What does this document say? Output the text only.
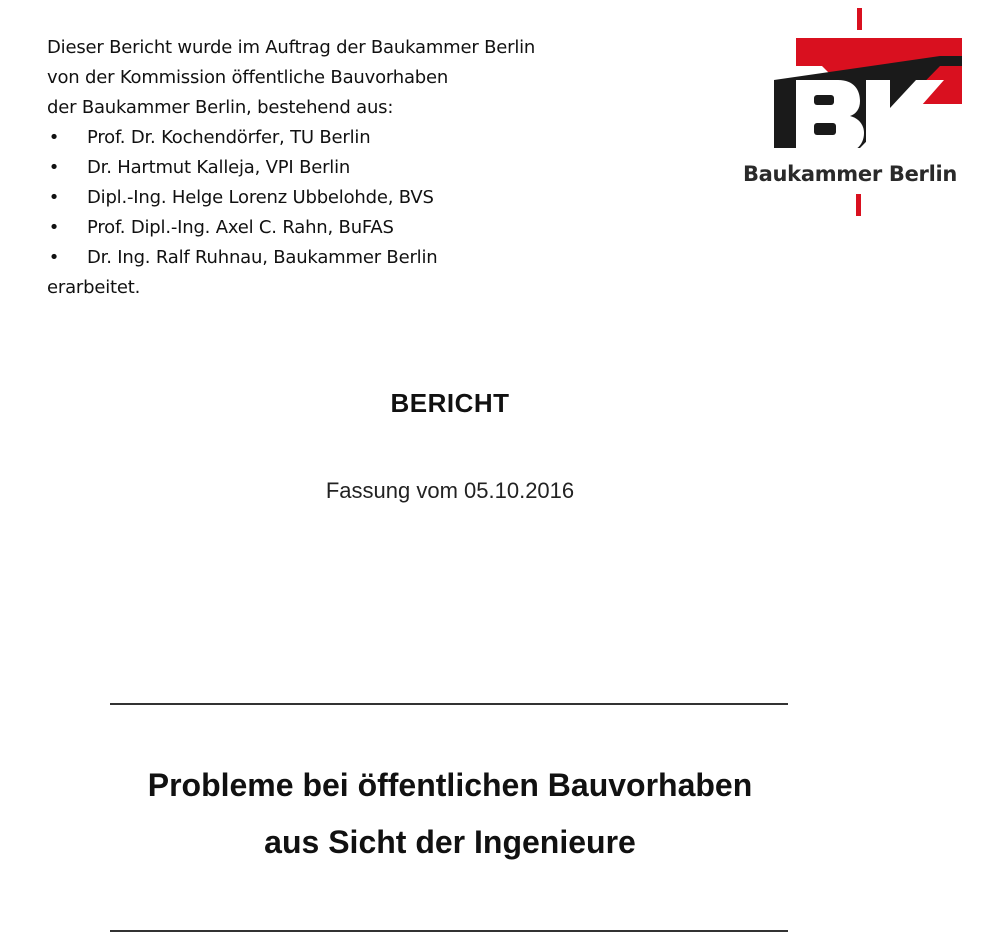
Dieser Bericht wurde im Auftrag der Baukammer Berlin
von der Kommission öffentliche Bauvorhaben
der Baukammer Berlin, bestehend aus:
• Prof. Dr. Kochendörfer, TU Berlin
• Dr. Hartmut Kalleja, VPI Berlin
• Dipl.-Ing. Helge Lorenz Ubbelohde, BVS
• Prof. Dipl.-Ing. Axel C. Rahn, BuFAS
• Dr. Ing. Ralf Ruhnau, Baukammer Berlin
erarbeitet.
Baukammer Berlin
BERICHT
Fassung vom 05.10.2016
Probleme bei öffentlichen Bauvorhaben
aus Sicht der Ingenieure
